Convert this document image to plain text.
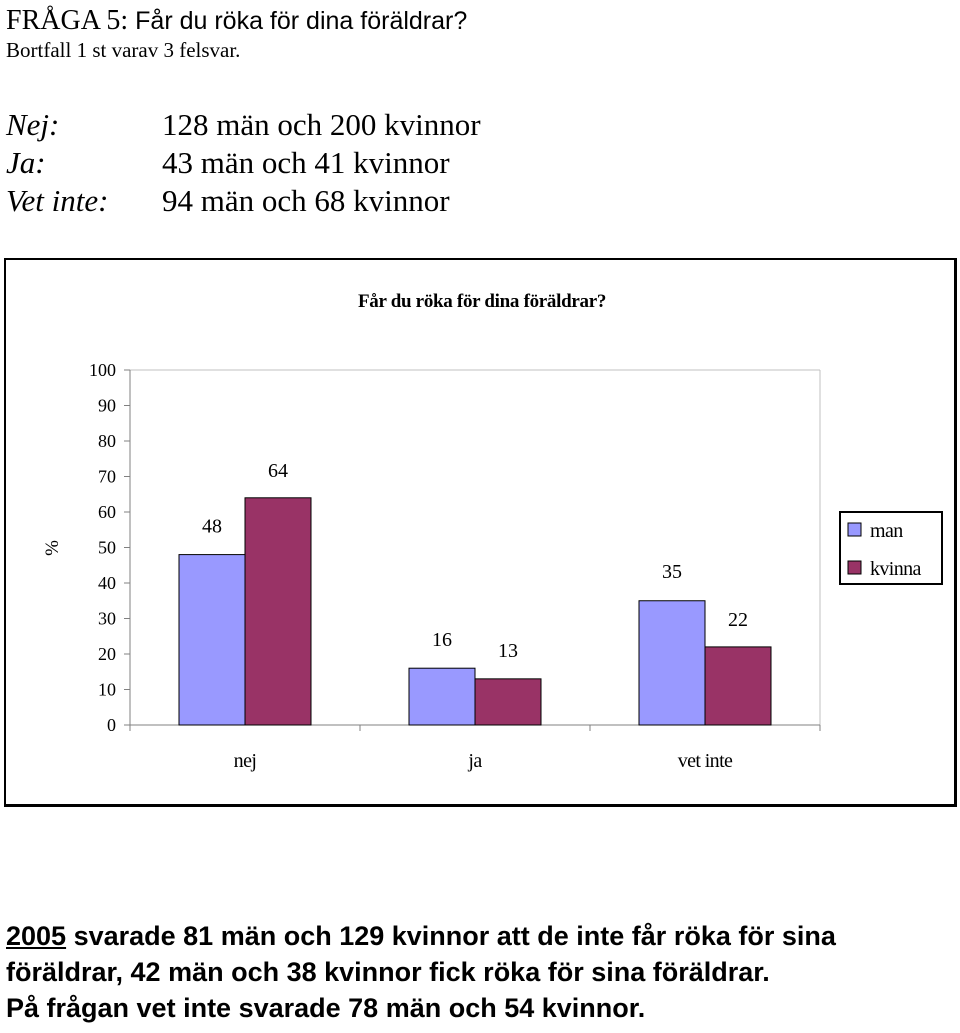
FRÅGA 5: Får du röka för dina föräldrar?
Bortfall 1 st varav 3 felsvar.
Nej:	128 män och 200 kvinnor
Ja:	43 män och 41 kvinnor
Vet inte: 94 män och 68 kvinnor
Får du röka för dina föräldrar?
%
0
10
20
30
40
50
60
70
80
90
100
nej	ja	vet inte
48
64
16 13
35
22
man
kvinna
2005 svarade 81 män och 129 kvinnor att de inte får röka för sina
föräldrar, 42 män och 38 kvinnor fick röka för sina föräldrar.
På frågan vet inte svarade 78 män och 54 kvinnor.
